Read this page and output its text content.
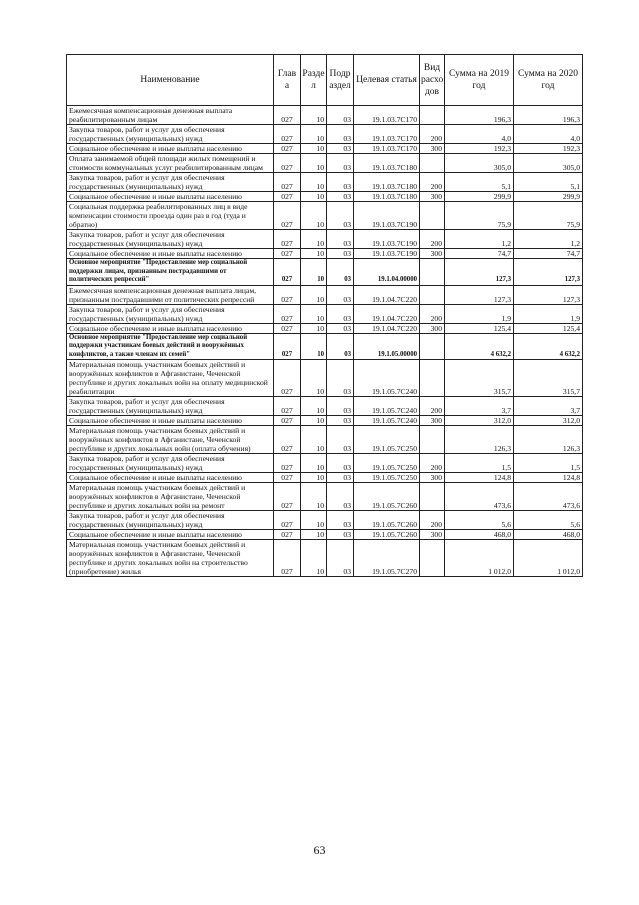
Наименование	Глав а	Разде л	Подр аздел	Целевая статья	Вид расхо дов	Сумма на 2019 год	Сумма на 2020 год
Ежемесячная компенсационная денежная выплата реабилитированным лицам	027	10	03	19.1.03.7С170		196,3	196,3
Закупка товаров, работ и услуг для обеспечения государственных (муниципальных) нужд	027	10	03	19.1.03.7С170	200	4,0	4,0
Социальное обеспечение и иные выплаты населению	027	10	03	19.1.03.7С170	300	192,3	192,3
Оплата занимаемой общей площади жилых помещений и стоимости коммунальных услуг реабилитированным лицам	027	10	03	19.1.03.7С180		305,0	305,0
Закупка товаров, работ и услуг для обеспечения государственных (муниципальных) нужд	027	10	03	19.1.03.7С180	200	5,1	5,1
Социальное обеспечение и иные выплаты населению	027	10	03	19.1.03.7С180	300	299,9	299,9
Социальная поддержка реабилитированных лиц в виде компенсации стоимости проезда один раз в год (туда и обратно)	027	10	03	19.1.03.7С190		75,9	75,9
Закупка товаров, работ и услуг для обеспечения государственных (муниципальных) нужд	027	10	03	19.1.03.7С190	200	1,2	1,2
Социальное обеспечение и иные выплаты населению	027	10	03	19.1.03.7С190	300	74,7	74,7
Основное мероприятие "Предоставление мер социальной поддержки лицам, признанным пострадавшими от политических репрессий"	027	10	03	19.1.04.00000		127,3	127,3
Ежемесячная компенсационная денежная выплата лицам, признанным пострадавшими от политических репрессий	027	10	03	19.1.04.7С220		127,3	127,3
Закупка товаров, работ и услуг для обеспечения государственных (муниципальных) нужд	027	10	03	19.1.04.7С220	200	1,9	1,9
Социальное обеспечение и иные выплаты населению	027	10	03	19.1.04.7С220	300	125,4	125,4
Основное мероприятие "Предоставление мер социальной поддержки участникам боевых действий и вооружённых конфликтов, а также членам их семей"	027	10	03	19.1.05.00000		4 632,2	4 632,2
Материальная помощь участникам боевых действий и вооружённых конфликтов в Афганистане, Чеченской республике и других локальных войн на оплату медицинской реабилитации	027	10	03	19.1.05.7С240		315,7	315,7
Закупка товаров, работ и услуг для обеспечения государственных (муниципальных) нужд	027	10	03	19.1.05.7С240	200	3,7	3,7
Социальное обеспечение и иные выплаты населению	027	10	03	19.1.05.7С240	300	312,0	312,0
Материальная помощь участникам боевых действий и вооружённых конфликтов в Афганистане, Чеченской республике и других локальных войн (оплата обучения)	027	10	03	19.1.05.7С250		126,3	126,3
Закупка товаров, работ и услуг для обеспечения государственных (муниципальных) нужд	027	10	03	19.1.05.7С250	200	1,5	1,5
Социальное обеспечение и иные выплаты населению	027	10	03	19.1.05.7С250	300	124,8	124,8
Материальная помощь участникам боевых действий и вооружённых конфликтов в Афганистане, Чеченской республике и других локальных войн на ремонт	027	10	03	19.1.05.7С260		473,6	473,6
Закупка товаров, работ и услуг для обеспечения государственных (муниципальных) нужд	027	10	03	19.1.05.7С260	200	5,6	5,6
Социальное обеспечение и иные выплаты населению	027	10	03	19.1.05.7С260	300	468,0	468,0
Материальная помощь участникам боевых действий и вооружённых конфликтов в Афганистане, Чеченской республике и других локальных войн на строительство (приобретение) жилья	027	10	03	19.1.05.7С270		1 012,0	1 012,0
63
